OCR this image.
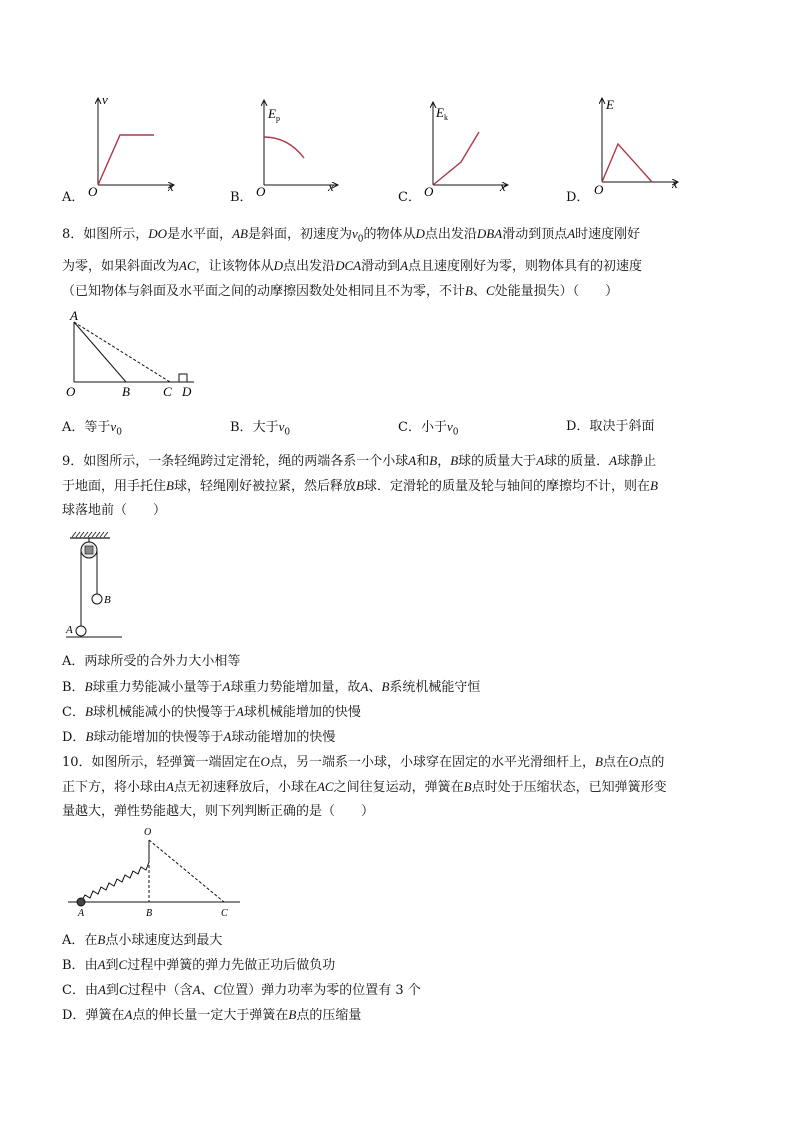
A．
v
O	x
B．
E p
O	x
C．
E k
O	x
D．
E
O	x
8．如图所示，DO是水平面，AB是斜面，初速度为$v_0$的物体从D点出发沿DBA滑动到顶点A时速度刚好
为零，如果斜面改为AC，让该物体从D点出发沿DCA滑动到A点且速度刚好为零，则物体具有的初速度
（已知物体与斜面及水平面之间的动摩擦因数处处相同且不为零，不计B、C处能量损失）（　　）
A
O	B	C D
A．等于$v_0$	B．大于$v_0$	C．小于$v_0$	D．取决于斜面
9．如图所示，一条轻绳跨过定滑轮，绳的两端各系一个小球A和B，B球的质量大于A球的质量．A球静止
于地面，用手托住B球，轻绳刚好被拉紧，然后释放B球．定滑轮的质量及轮与轴间的摩擦均不计，则在B
球落地前（　　）
B
A
A．两球所受的合外力大小相等
B．B球重力势能减小量等于A球重力势能增加量，故A、B系统机械能守恒
C．B球机械能减小的快慢等于A球机械能增加的快慢
D．B球动能增加的快慢等于A球动能增加的快慢
10．如图所示，轻弹簧一端固定在O点，另一端系一小球，小球穿在固定的水平光滑细杆上，B点在O点的
正下方，将小球由A点无初速释放后，小球在AC之间往复运动，弹簧在B点时处于压缩状态，已知弹簧形变
量越大，弹性势能越大，则下列判断正确的是（　　）
O
A	B	C
A．在B点小球速度达到最大
B．由A到C过程中弹簧的弹力先做正功后做负功
C．由A到C过程中（含A、C位置）弹力功率为零的位置有 3 个
D．弹簧在A点的伸长量一定大于弹簧在B点的压缩量
